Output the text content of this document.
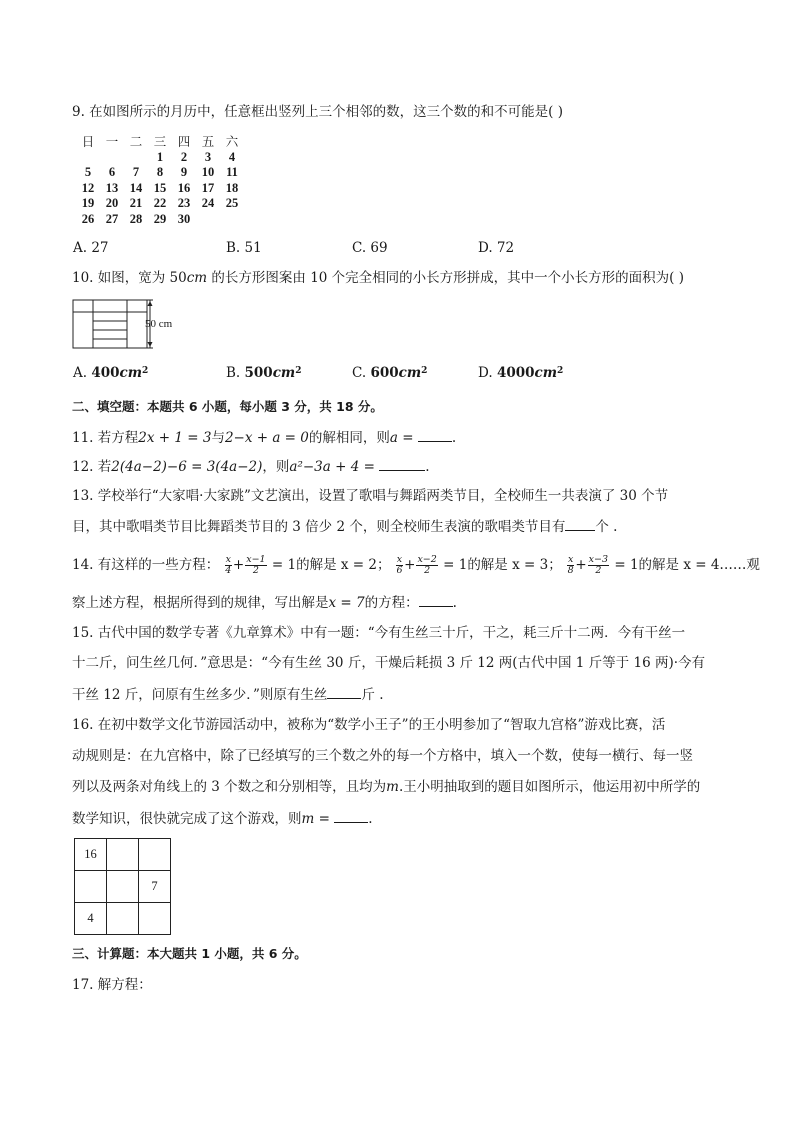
9. 在如图所示的月历中，任意框出竖列上三个相邻的数，这三个数的和不可能是( )
日	一	二	三	四	五	六
			1	2	3	4
5	6	7	8	9	10	11
12	13	14	15	16	17	18
19	20	21	22	23	24	25
26	27	28	29	30		
A. 27	B. 51	C. 69	D. 72
10. 如图，宽为 50cm 的长方形图案由 10 个完全相同的小长方形拼成，其中一个小长方形的面积为( )
50 cm
A. $400cm^2$	B. $500cm^2$	C. $600cm^2$	D. $4000cm^2$
二、填空题：本题共 6 小题，每小题 3 分，共 18 分。
11. 若方程2x + 1 = 3与2−x + a = 0的解相同，则a =	.
12. 若2(4a−2)−6 = 3(4a−2)，则a²−3a + 4 =	.
13. 学校举行“大家唱·大家跳”文艺演出，设置了歌唱与舞蹈两类节目，全校师生一共表演了 30 个节
目，其中歌唱类节目比舞蹈类节目的 3 倍少 2 个，则全校师生表演的歌唱类节目有 个 .
14. 有这样的一些方程： $\frac{x}{4} + \frac{x-1}{2} = 1$的解是 x = 2； $\frac{x}{6} + \frac{x-2}{2} = 1$的解是 x = 3； $\frac{x}{8} + \frac{x-3}{2} = 1$的解是 x = 4……观
察上述方程，根据所得到的规律，写出解是x = 7的方程：	.
15. 古代中国的数学专著《九章算术》中有一题：“今有生丝三十斤，干之，耗三斤十二两．今有干丝一
十二斤，问生丝几何．”意思是：“今有生丝 30 斤，干燥后耗损 3 斤 12 两(古代中国 1 斤等于 16 两)·今有
干丝 12 斤，问原有生丝多少．”则原有生丝	斤 .
16. 在初中数学文化节游园活动中，被称为“数学小王子”的王小明参加了“智取九宫格”游戏比赛，活
动规则是：在九宫格中，除了已经填写的三个数之外的每一个方格中，填入一个数，使每一横行、每一竖
列以及两条对角线上的 3 个数之和分别相等，且均为m.王小明抽取到的题目如图所示，他运用初中所学的
数学知识，很快就完成了这个游戏，则m =	.
16		
		7
4		
三、计算题：本大题共 1 小题，共 6 分。
17. 解方程：
